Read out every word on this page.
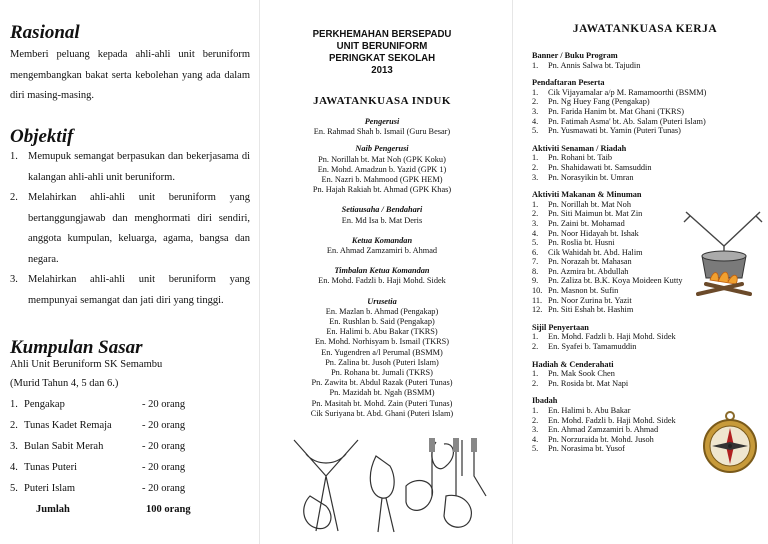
Rasional

Memberi peluang kepada ahli-ahli unit beruniform mengembangkan bakat serta kebolehan yang ada dalam diri masing-masing.

Objektif
1. Memupuk semangat berpasukan dan bekerjasama di kalangan ahli-ahli unit beruniform.
2. Melahirkan ahli-ahli unit beruniform yang bertanggungjawab dan menghormati diri sendiri, anggota kumpulan, keluarga, agama, bangsa dan negara.
3. Melahirkan ahli-ahli unit beruniform yang mempunyai semangat dan jati diri yang tinggi.
Kumpulan Sasar

Ahli Unit Beruniform SK Semambu

(Murid Tahun 4, 5 dan 6.)

1. Pengakap	- 20 orang
2. Tunas Kadet Remaja	- 20 orang
3. Bulan Sabit Merah	- 20 orang
4. Tunas Puteri	- 20 orang
5. Puteri Islam	- 20 orang
Jumlah	100 orang
PERKHEMAHAN BERSEPADU
UNIT BERUNIFORM
PERINGKAT SEKOLAH
2013
JAWATANKUASA INDUK
Pengerusi
En. Rahmad Shah b. Ismail (Guru Besar)
Naib Pengerusi
Pn. Norillah bt. Mat Noh (GPK Koku)
En. Mohd. Amadzun b. Yazid (GPK 1)
En. Nazri b. Mahmood (GPK HEM)
Pn. Hajah Rakiah bt. Ahmad (GPK Khas)
Setiausaha / Bendahari
En. Md Isa b. Mat Deris
Ketua Komandan
En. Ahmad Zamzamiri b. Ahmad
Timbalan Ketua Komandan
En. Mohd. Fadzli b. Haji Mohd. Sidek
Urusetia
En. Mazlan b. Ahmad (Pengakap)
En. Rushlan b. Said (Pengakap)
En. Halimi b. Abu Bakar (TKRS)
En. Mohd. Norhisyam b. Ismail (TKRS)
En. Yugendren a/l Perumal (BSMM)
Pn. Zalina bt. Jusoh (Puteri Islam)
Pn. Rohana bt. Jumali (TKRS)
Pn. Zawita bt. Abdul Razak (Puteri Tunas)
Pn. Mazidah bt. Ngah (BSMM)
Pn. Masitah bt. Mohd. Zain (Puteri Tunas)
Cik Suriyana bt. Abd. Ghani (Puteri Islam)
JAWATANKUASA KERJA

Banner / Buku Program

1.	Pn. Annis Salwa bt. Tajudin

Pendaftaran Peserta

1.	Cik Vijayamalar a/p M. Ramamoorthi (BSMM)
2.	Pn. Ng Huey Fang (Pengakap)
3.	Pn. Farida Hanim bt. Mat Ghani (TKRS)
4.	Pn. Fatimah Asma' bt. Ab. Salam (Puteri Islam)
5.	Pn. Yusmawati bt. Yamin (Puteri Tunas)

Aktiviti Senaman / Riadah

1.	Pn. Rohani bt. Taib
2.	Pn. Shahidawati bt. Samsuddin
3.	Pn. Norasyikin bt. Umran

Aktiviti Makanan & Minuman

1.	Pn. Norillah bt. Mat Noh
2.	Pn. Siti Maimun bt. Mat Zin
3.	Pn. Zaini bt. Mohamad
4.	Pn. Noor Hidayah bt. Ishak
5.	Pn. Roslia bt. Husni
6.	Cik Wahidah bt. Abd. Halim
7.	Pn. Norazah bt. Mahasan
8.	Pn. Azmira bt. Abdullah
9.	Pn. Zaliza bt. B.K. Koya Moideen Kutty
10. Pn. Masnon bt. Sufin
11. Pn. Noor Zurina bt. Yazit
12. Pn. Siti Eshah bt. Hashim

Sijil Penyertaan

1.	En. Mohd. Fadzli b. Haji Mohd. Sidek
2.	En. Syafei b. Tamamuddin

Hadiah & Cenderahati

1.	Pn. Mak Sook Chen
2.	Pn. Rosida bt. Mat Napi

Ibadah

1.	En. Halimi b. Abu Bakar
2.	En. Mohd. Fadzli b. Haji Mohd. Sidek
3.	En. Ahmad Zamzamiri b. Ahmad
4.	Pn. Norzuraida bt. Mohd. Jusoh
5.	Pn. Norasima bt. Yusof
